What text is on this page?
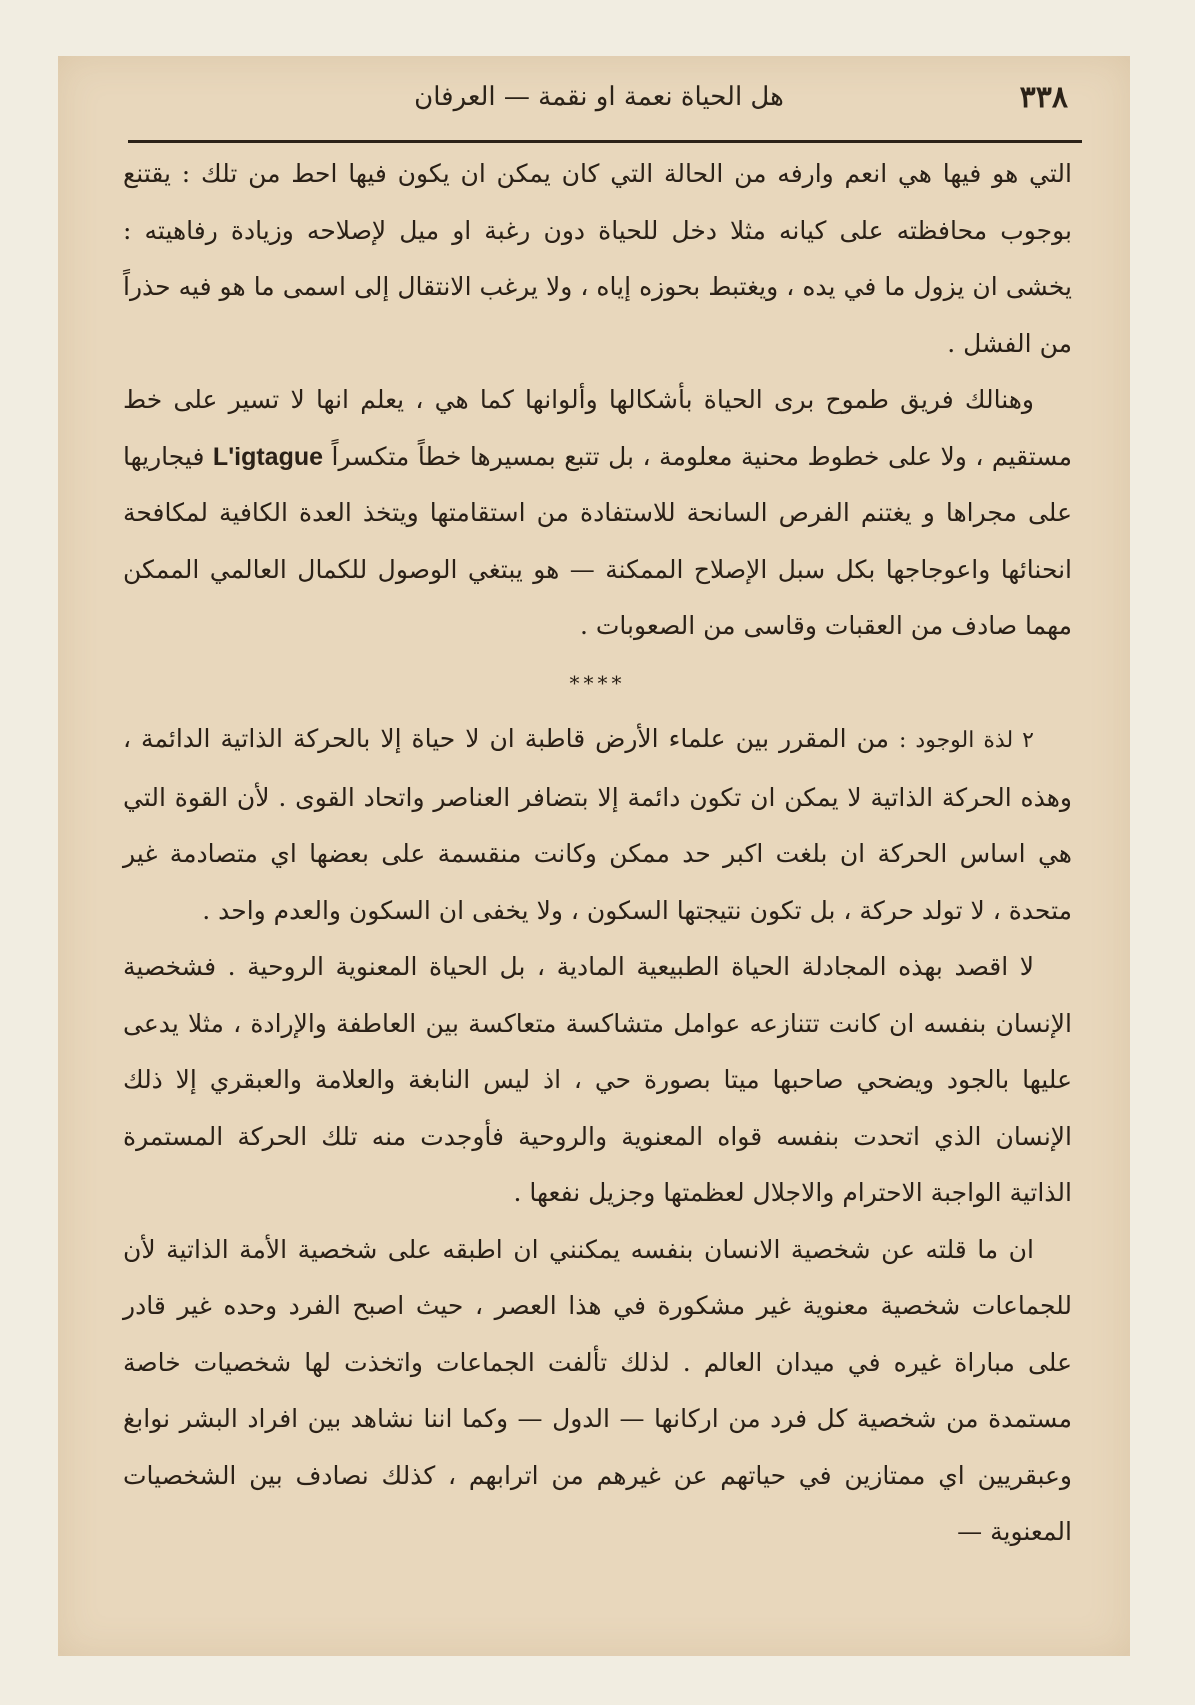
٣٣٨
هل الحياة نعمة او نقمة — العرفان

التي هو فيها هي انعم وارفه من الحالة التي كان يمكن ان يكون فيها احط من تلك : يقتنع بوجوب محافظته على كيانه مثلا دخل للحياة دون رغبة او ميل لإصلاحه وزيادة رفاهيته : يخشى ان يزول ما في يده ، ويغتبط بحوزه إياه ، ولا يرغب الانتقال إلى اسمى ما هو فيه حذراً من الفشل .

وهنالك فريق طموح برى الحياة بأشكالها وألوانها كما هي ، يعلم انها لا تسير على خط مستقيم ، ولا على خطوط محنية معلومة ، بل تتبع بمسيرها خطاً متكسراً L'igtague فيجاريها على مجراها و يغتنم الفرص السانحة للاستفادة من استقامتها ويتخذ العدة الكافية لمكافحة انحنائها واعوجاجها بكل سبل الإصلاح الممكنة — هو يبتغي الوصول للكمال العالمي الممكن مهما صادف من العقبات وقاسى من الصعوبات .

****

٢ لذة الوجود : من المقرر بين علماء الأرض قاطبة ان لا حياة إلا بالحركة الذاتية الدائمة ، وهذه الحركة الذاتية لا يمكن ان تكون دائمة إلا بتضافر العناصر واتحاد القوى . لأن القوة التي هي اساس الحركة ان بلغت اكبر حد ممكن وكانت منقسمة على بعضها اي متصادمة غير متحدة ، لا تولد حركة ، بل تكون نتيجتها السكون ، ولا يخفى ان السكون والعدم واحد .

لا اقصد بهذه المجادلة الحياة الطبيعية المادية ، بل الحياة المعنوية الروحية . فشخصية الإنسان بنفسه ان كانت تتنازعه عوامل متشاكسة متعاكسة بين العاطفة والإرادة ، مثلا يدعى عليها بالجود ويضحي صاحبها ميتا بصورة حي ، اذ ليس النابغة والعلامة والعبقري إلا ذلك الإنسان الذي اتحدت بنفسه قواه المعنوية والروحية فأوجدت منه تلك الحركة المستمرة الذاتية الواجبة الاحترام والاجلال لعظمتها وجزيل نفعها .

ان ما قلته عن شخصية الانسان بنفسه يمكنني ان اطبقه على شخصية الأمة الذاتية لأن للجماعات شخصية معنوية غير مشكورة في هذا العصر ، حيث اصبح الفرد وحده غير قادر على مباراة غيره في ميدان العالم . لذلك تألفت الجماعات واتخذت لها شخصيات خاصة مستمدة من شخصية كل فرد من اركانها — الدول — وكما اننا نشاهد بين افراد البشر نوابغ وعبقريين اي ممتازين في حياتهم عن غيرهم من اترابهم ، كذلك نصادف بين الشخصيات المعنوية —
